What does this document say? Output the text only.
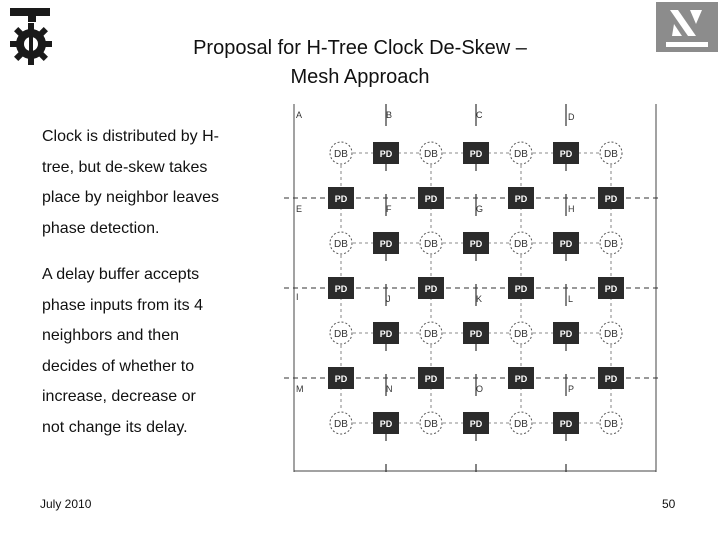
Proposal for H-Tree Clock De-Skew –
Mesh Approach
Clock is distributed by H-
tree, but de-skew takes
place by neighbor leaves
phase detection.
A delay buffer accepts
phase inputs from its 4
neighbors and then
decides of whether to
increase, decrease or
not change its delay.
DB	PD	DB	PD	DB	PD	DB
PD	PD	PD	PD
DB	PD	DB	PD	DB	PD	DB
PD	PD	PD	PD
DB	PD	DB	PD	DB	PD	DB
PD	PD	PD	PD
DB	PD	DB	PD	DB	PD	DB
A	B	C	D
E	F	G	H
I	J	K	L
M	N	O	P
July 2010	50
